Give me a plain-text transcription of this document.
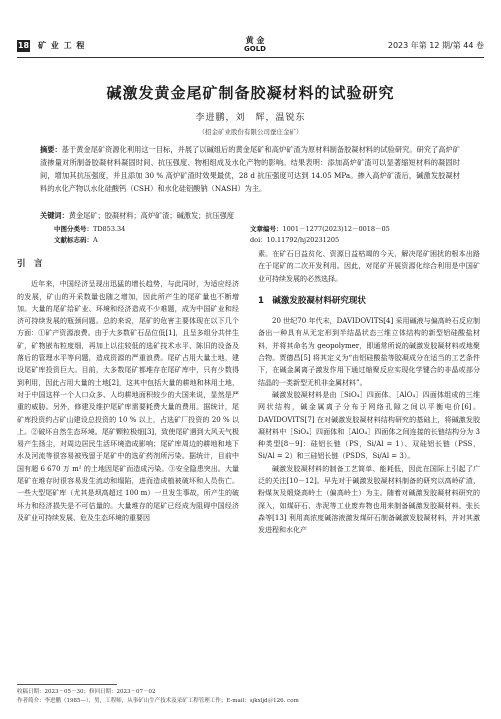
18 矿 业 工 程
黄 金
GOLD	2023 年第 12 期/第 44 卷
碱激发黄金尾矿制备胶凝材料的试验研究
李进鹏，刘　辉，温锐东
（招金矿业股份有限公司蚕庄金矿）
摘要：基于黄金尾矿资源化利用这一目标，并展了以碱组后的黄金尾矿和高炉矿渣为原材料制备胶凝材料的试验研究。研究了高炉矿渣掺量对所制备胶凝材料凝固时间、抗压强度、物相组成及水化产物的影响。结果表明：添加高炉矿渣可以显著缩短材料的凝固时间，增加其抗压强度，并且添加 30 % 高炉矿渣时效果最优，28 d 抗压强度可达到 14.05 MPa。掺入高炉矿渣后，碱激发胶凝材料的水化产物以水化硅酸钙（CSH）和水化硅铝酸钠（NASH）为主。
关键词：黄金尾矿；胶凝材料；高炉矿渣；碱激发；抗压强度
中图分类号：TD853.34	文章编号：1001－1277(2023)12－0018－05
文献标志码：A	doi：10.11792/hj20231205
引　言

近年来，中国经济呈现出迅猛的增长趋势，与此同时，为适应经济的发展，矿山的开采数量也随之增加，因此所产生的尾矿量也不断增加。大量的尾矿给矿业、环境和经济造成不少难题，成为中国矿业和经济可持续发展的瓶颈问题。总的来说，尾矿的危害主要体现在以下几个方面：①矿产资源浪费。由于大多数矿石品位低[1]，且呈多组分共伴生矿，矿物嵌布粒度细，再加上以往较低的选矿技术水平、陈旧的设备及落后的管理水平等问题，造成资源的严重浪费。尾矿占用大量土地，建设尾矿库投资巨大。目前，大多数尾矿都堆存在尾矿库中，只有少数得到利用，因此占用大量的土地[2]，这其中包括大量的耕地和林用土地，对于中国这样一个人口众多、人均耕地面积较少的大国来说，显然是严重的威胁。另外，修建及维护尾矿库需要耗费大量的费用。据统计，尾矿库投资约占矿山建设总投资的 10 % 以上，占选矿厂投资的 20 % 以上。②破坏自然生态环境。尾矿颗粒极细[3]，致使尾矿遇到大风天气极易产生扬尘，对周边居民生活环境造成影响；尾矿库周边的耕地和地下水及河流等很容易被残留于尾矿中的选矿药剂所污染。据统计，目前中国有超 6 670 万 m² 的土地因尾矿而造成污染。③安全隐患突出。大量尾矿在堆存时很容易发生流动和塌陷，进而造成植被破坏和人员伤亡。一些大型尾矿库（尤其是坝高超过 100 m）一旦发生事故，所产生的破坏力和经济损失是不可估量的。大量堆存的尾矿已经成为阻碍中国经济及矿业可持续发展、危及生态环境的重要因

素。在矿石日益贫化、资源日益枯竭的今天，解决尾矿困扰的根本出路在于尾矿的二次开发利用。因此，对尾矿开展资源化综合利用是中国矿业可持续发展的必然选择。

1　碱激发胶凝材料研究现状

20 世纪70 年代末，DAVIDOVITS[4] 采用碱液与偏高岭石反应制备出一种具有从无定形到半结晶状态三维立体结构的新型铝硅酸盐材料，并将其命名为 geopolymer，即通常所说的碱激发胶凝材料或地聚合物。贾德昌[5] 将其定义为“由铝硅酸盐等胶凝成分在适当的工艺条件下，在碱金属离子激发作用下通过缩聚反应实现化学键合的非晶或部分结晶的一类新型无机非金属材料”。

碱激发胶凝材料是由［SiO₄］四面体、［AlO₄］四面体组成的三维网状结构，碱金属离子分布于网络孔隙之间以平衡电价[6]。DAVIDOVITS[7] 在对碱激发胶凝材料结构研究的基础上，将碱激发胶凝材料中［SiO₄］四面体和［AlO₄］四面体之间连接的长链结构分为 3 种类型[8－9]：硅铝长链（PS，Si/Al = 1）、双硅铝长链（PSS，Si/Al = 2）和三硅铝长链（PSDS，Si/Al = 3）。

碱激发胶凝材料的制备工艺简单、能耗低，因此在国际上引起了广泛的关注[10－12]。早先对于碱激发胶凝材料制备的研究以高岭矿渣、粉煤灰及煅烧高岭土（偏高岭土）为主。随着对碱激发胶凝材料研究的深入，如煤矸石、赤泥等工业废弃物也用来制备碱激发胶凝材料。张长森等[13] 利用高浓度碱溶液激发煤矸石制备碱激发胶凝材料，并对其激发进程和水化产

收稿日期：2023－05－30；修回日期：2023－07－02
作者简介：李进鹏（1985—），男，工程师，从事矿山生产技术及采矿工程管理工作；E-mail：sjkxljd＠126. com
